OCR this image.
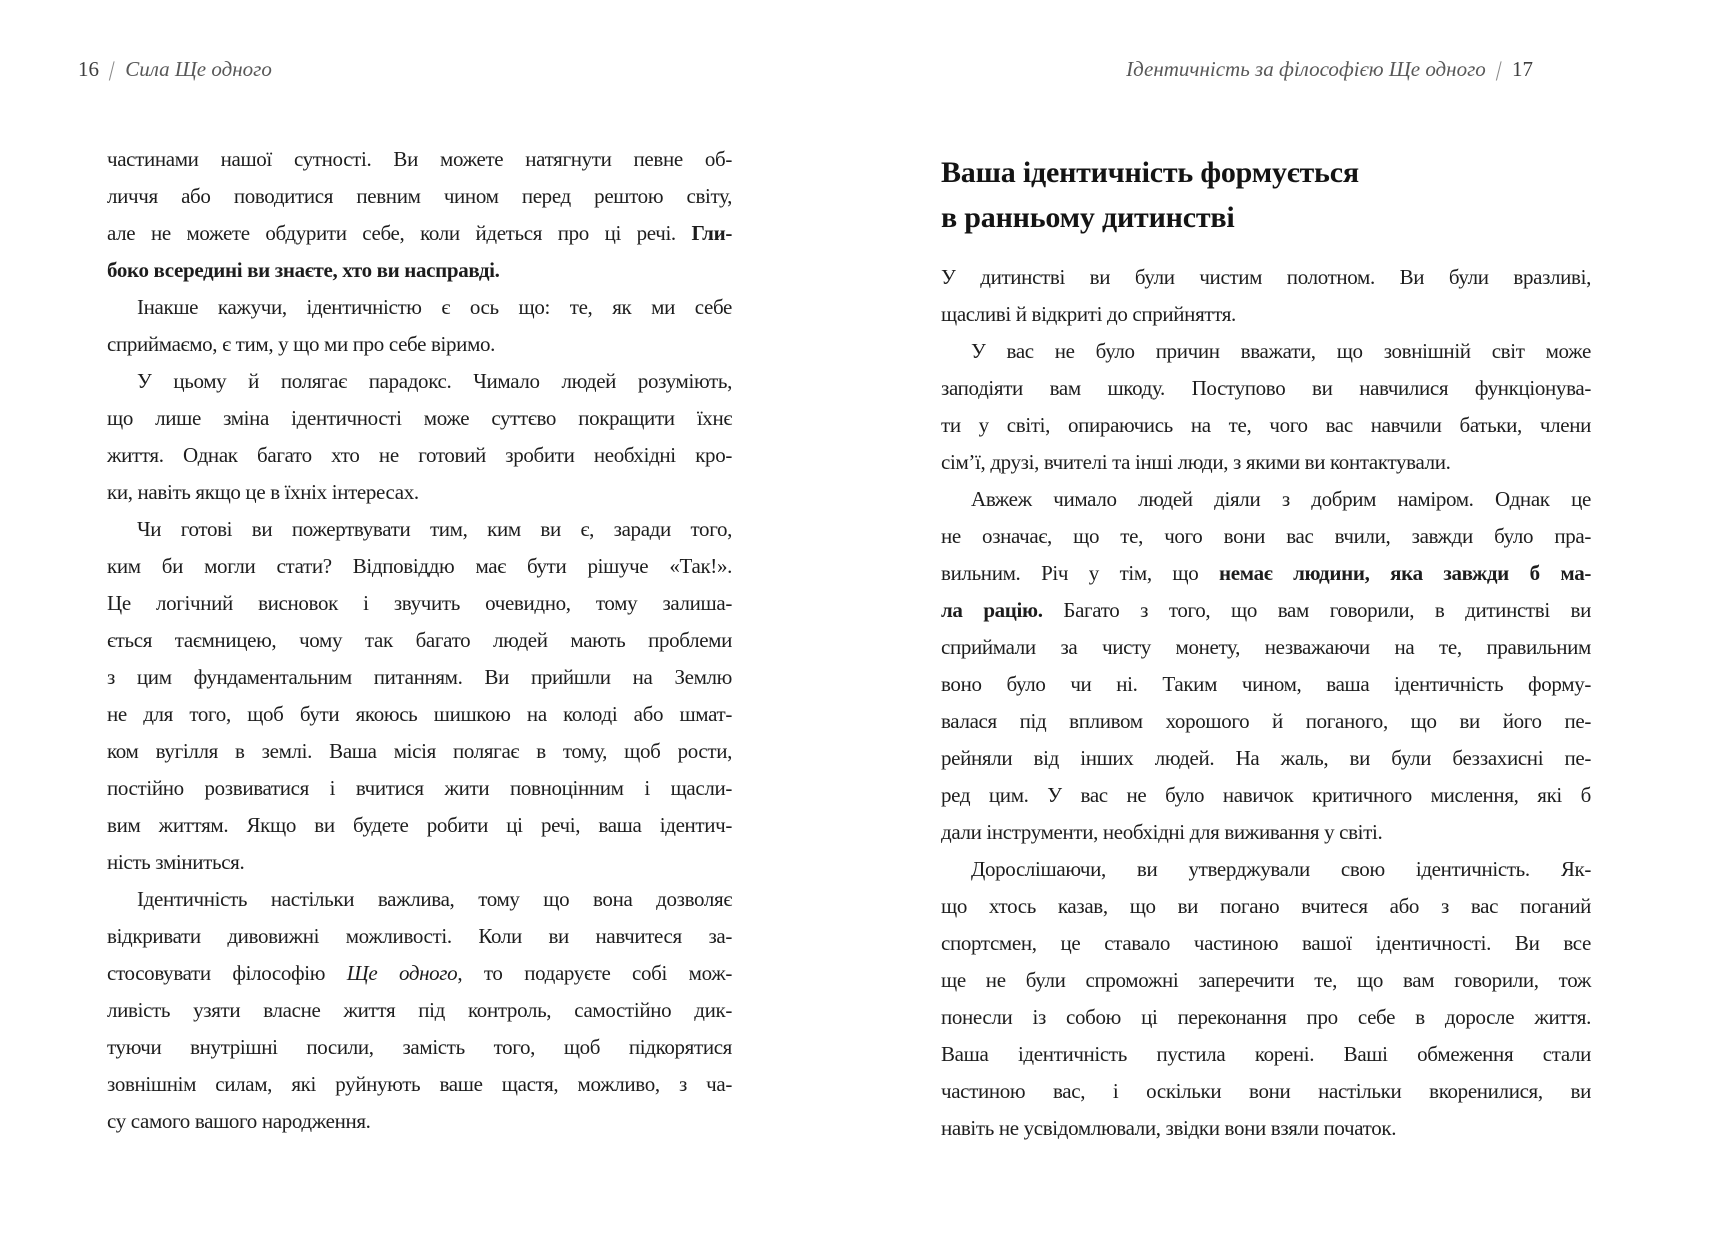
16 | Сила Ще одного	Ідентичність за філософією Ще одного | 17
частинами нашої сутності. Ви можете натягнути певне об-
личчя або поводитися певним чином перед рештою світу,
але не можете обдурити себе, коли йдеться про ці речі. Гли-
боко всередині ви знаєте, хто ви насправді.
Інакше кажучи, ідентичністю є ось що: те, як ми себе
сприймаємо, є тим, у що ми про себе віримо.
У цьому й полягає парадокс. Чимало людей розуміють,
що лише зміна ідентичності може суттєво покращити їхнє
життя. Однак багато хто не готовий зробити необхідні кро-
ки, навіть якщо це в їхніх інтересах.
Чи готові ви пожертвувати тим, ким ви є, заради того,
ким би могли стати? Відповіддю має бути рішуче «Так!».
Це логічний висновок і звучить очевидно, тому залиша-
ється таємницею, чому так багато людей мають проблеми
з цим фундаментальним питанням. Ви прийшли на Землю
не для того, щоб бути якоюсь шишкою на колоді або шмат-
ком вугілля в землі. Ваша місія полягає в тому, щоб рости,
постійно розвиватися і вчитися жити повноцінним і щасли-
вим життям. Якщо ви будете робити ці речі, ваша ідентич-
ність зміниться.
Ідентичність настільки важлива, тому що вона дозволяє
відкривати дивовижні можливості. Коли ви навчитеся за-
стосовувати філософію Ще одного, то подаруєте собі мож-
ливість узяти власне життя під контроль, самостійно дик-
туючи внутрішні посили, замість того, щоб підкорятися
зовнішнім силам, які руйнують ваше щастя, можливо, з ча-
су самого вашого народження.
Ваша ідентичність формується
в ранньому дитинстві
У дитинстві ви були чистим полотном. Ви були вразливі,
щасливі й відкриті до сприйняття.
У вас не було причин вважати, що зовнішній світ може
заподіяти вам шкоду. Поступово ви навчилися функціонува-
ти у світі, опираючись на те, чого вас навчили батьки, члени
сім’ї, друзі, вчителі та інші люди, з якими ви контактували.
Авжеж чимало людей діяли з добрим наміром. Однак це
не означає, що те, чого вони вас вчили, завжди було пра-
вильним. Річ у тім, що немає людини, яка завжди б ма-
ла рацію. Багато з того, що вам говорили, в дитинстві ви
сприймали за чисту монету, незважаючи на те, правильним
воно було чи ні. Таким чином, ваша ідентичність форму-
валася під впливом хорошого й поганого, що ви його пе-
рейняли від інших людей. На жаль, ви були беззахисні пе-
ред цим. У вас не було навичок критичного мислення, які б
дали інструменти, необхідні для виживання у світі.
Дорослішаючи, ви утверджували свою ідентичність. Як-
що хтось казав, що ви погано вчитеся або з вас поганий
спортсмен, це ставало частиною вашої ідентичності. Ви все
ще не були спроможні заперечити те, що вам говорили, тож
понесли із собою ці переконання про себе в доросле життя.
Ваша ідентичність пустила корені. Ваші обмеження стали
частиною вас, і оскільки вони настільки вкоренилися, ви
навіть не усвідомлювали, звідки вони взяли початок.
